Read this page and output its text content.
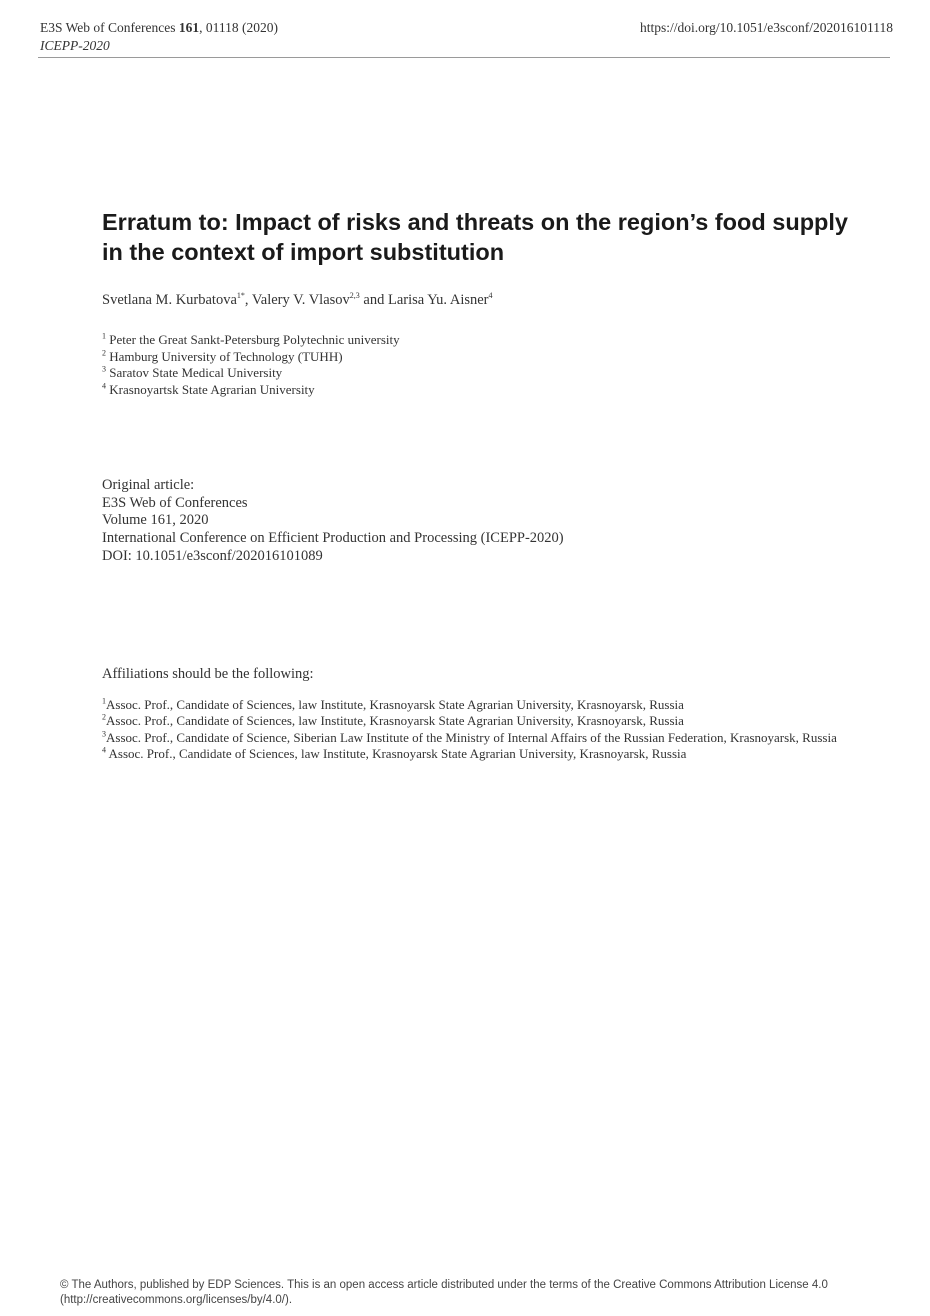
E3S Web of Conferences 161, 01118 (2020)
ICEPP-2020
https://doi.org/10.1051/e3sconf/202016101118
Erratum to: Impact of risks and threats on the region’s food supply in the context of import substitution
Svetlana M. Kurbatova$^{1*}$, Valery V. Vlasov$^{2,3}$ and Larisa Yu. Aisner$^4$
$^1$ Peter the Great Sankt-Petersburg Polytechnic university
$^2$ Hamburg University of Technology (TUHH)
$^3$ Saratov State Medical University
$^4$ Krasnoyartsk State Agrarian University
Original article:
E3S Web of Conferences
Volume 161, 2020
International Conference on Efficient Production and Processing (ICEPP-2020)
DOI: 10.1051/e3sconf/202016101089
Affiliations should be the following:
$^1$Assoc. Prof., Candidate of Sciences, law Institute, Krasnoyarsk State Agrarian University, Krasnoyarsk, Russia
$^2$Assoc. Prof., Candidate of Sciences, law Institute, Krasnoyarsk State Agrarian University, Krasnoyarsk, Russia
$^3$Assoc. Prof., Candidate of Science, Siberian Law Institute of the Ministry of Internal Affairs of the Russian Federation, Krasnoyarsk, Russia
$^4$ Assoc. Prof., Candidate of Sciences, law Institute, Krasnoyarsk State Agrarian University, Krasnoyarsk, Russia
© The Authors, published by EDP Sciences. This is an open access article distributed under the terms of the Creative Commons Attribution License 4.0
(http://creativecommons.org/licenses/by/4.0/).
